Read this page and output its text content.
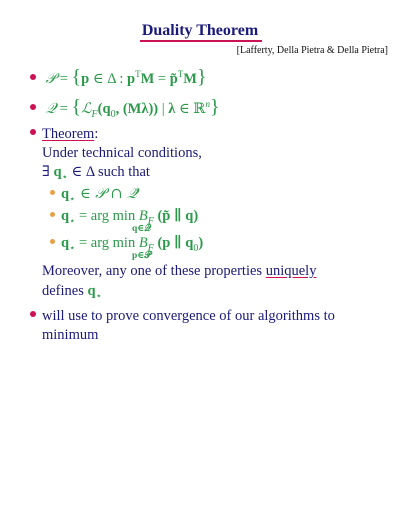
Duality Theorem
[Lafferty, Della Pietra & Della Pietra]
𝒫 = {p ∈ Δ : $p^TM$ = p̃$^T$M}
𝒬 = {$ℒ_F(q_0$, (Mλ)) | λ ∈ ℝ$^n$}
Theorem:
Under technical conditions,
∃ $q_⋆$ ∈ Δ such that
$q_⋆$ ∈ 𝒫 ∩ 𝒬̄
$q_⋆$ = arg $\min B_F$ (p̃ ∥ q)
q∈𝒬
$q_⋆$ = arg $\min B_F$ (p ∥ $q_0$)
p∈𝒫
Moreover, any one of these properties uniquely
defines $q_⋆$
will use to prove convergence of our algorithms to
minimum
